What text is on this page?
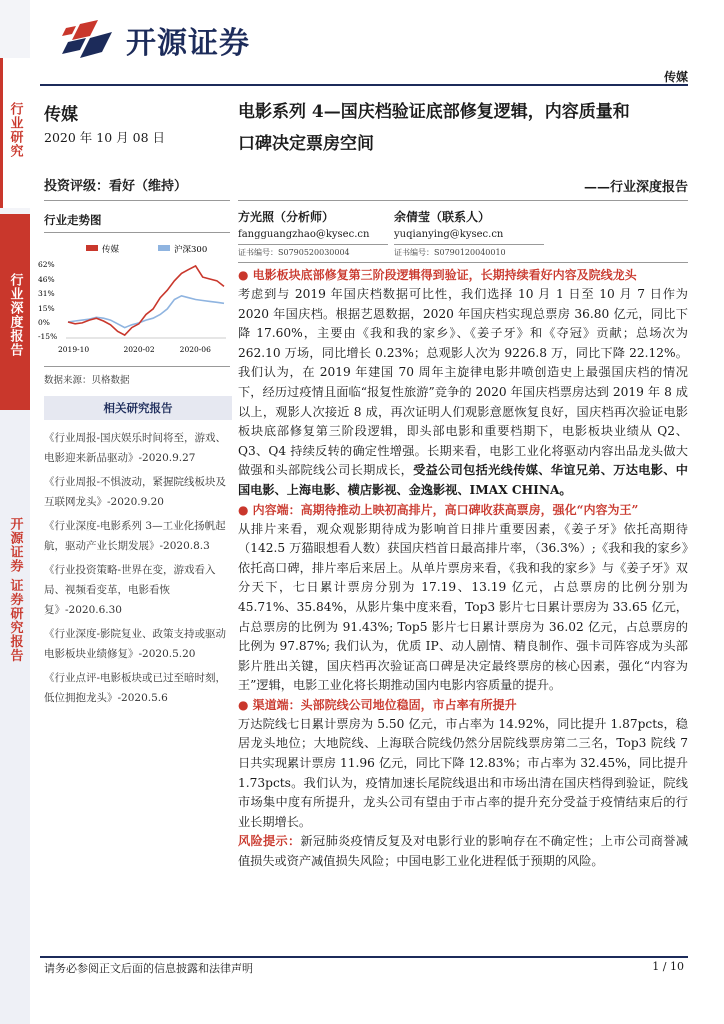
行业研究
行业深度报告
开源证券 证券研究报告
开源证券
传媒
传媒
2020 年 10 月 08 日
投资评级：看好（维持）
行业走势图
传媒	沪深300
62%
46%
31%
15%
0%
-15%
2019-10	2020-02	2020-06
数据来源：贝格数据
相关研究报告
《行业周报-国庆娱乐时间将至，游戏、电影迎来新品驱动》-2020.9.27
《行业周报-不惧波动，紧握院线板块及互联网龙头》-2020.9.20
《行业深度-电影系列 3—工业化扬帆起航，驱动产业长期发展》-2020.8.3
《行业投资策略-世界在变，游戏看入局、视频看变革，电影看恢复》-2020.6.30
《行业深度-影院复业、政策支持或驱动电影板块业绩修复》-2020.5.20
《行业点评-电影板块或已过至暗时刻，低位拥抱龙头》-2020.5.6
电影系列 4—国庆档验证底部修复逻辑，内容质量和
口碑决定票房空间
——行业深度报告
方光照（分析师）
fangguangzhao@kysec.cn
证书编号：S0790520030004
余倩莹（联系人）
yuqianying@kysec.cn
证书编号：S0790120040010
● 电影板块底部修复第三阶段逻辑得到验证，长期持续看好内容及院线龙头

考虑到与 2019 年国庆档数据可比性，我们选择 10 月 1 日至 10 月 7 日作为 2020 年国庆档。根据艺恩数据，2020 年国庆档实现总票房 36.80 亿元，同比下降 17.60%，主要由《我和我的家乡》、《姜子牙》和《夺冠》贡献；总场次为 262.10 万场，同比增长 0.23%；总观影人次为 9226.8 万，同比下降 22.12%。我们认为，在 2019 年建国 70 周年主旋律电影井喷创造史上最强国庆档的情况下，经历过疫情且面临“报复性旅游”竞争的 2020 年国庆档票房达到 2019 年 8 成以上，观影人次接近 8 成，再次证明人们观影意愿恢复良好，国庆档再次验证电影板块底部修复第三阶段逻辑，即头部电影和重要档期下，电影板块业绩从 Q2、Q3、Q4 持续反转的确定性增强。长期来看，电影工业化将驱动内容出品龙头做大做强和头部院线公司长期成长，受益公司包括光线传媒、华谊兄弟、万达电影、中国电影、上海电影、横店影视、金逸影视、IMAX CHINA。

● 内容端：高期待推动上映初高排片，高口碑收获高票房，强化“内容为王”

从排片来看，观众观影期待成为影响首日排片重要因素，《姜子牙》依托高期待（142.5 万猫眼想看人数）获国庆档首日最高排片率，（36.3%）;《我和我的家乡》依托高口碑，排片率后来居上。从单片票房来看，《我和我的家乡》与《姜子牙》双分天下，七日累计票房分别为 17.19、13.19 亿元，占总票房的比例分别为 45.71%、35.84%，从影片集中度来看，Top3 影片七日累计票房为 33.65 亿元，占总票房的比例为 91.43%; Top5 影片七日累计票房为 36.02 亿元，占总票房的比例为 97.87%; 我们认为，优质 IP、动人剧情、精良制作、强卡司阵容成为头部影片胜出关键，国庆档再次验证高口碑是决定最终票房的核心因素，强化“内容为王”逻辑，电影工业化将长期推动国内电影内容质量的提升。

● 渠道端：头部院线公司地位稳固，市占率有所提升

万达院线七日累计票房为 5.50 亿元，市占率为 14.92%，同比提升 1.87pcts，稳居龙头地位；大地院线、上海联合院线仍然分居院线票房第二三名，Top3 院线 7 日共实现累计票房 11.96 亿元，同比下降 12.83%；市占率为 32.45%，同比提升 1.73pcts。我们认为，疫情加速长尾院线退出和市场出清在国庆档得到验证，院线市场集中度有所提升，龙头公司有望由于市占率的提升充分受益于疫情结束后的行业长期增长。

风险提示：新冠肺炎疫情反复及对电影行业的影响存在不确定性；上市公司商誉减值损失或资产减值损失风险；中国电影工业化进程低于预期的风险。

请务必参阅正文后面的信息披露和法律声明	1 / 10
